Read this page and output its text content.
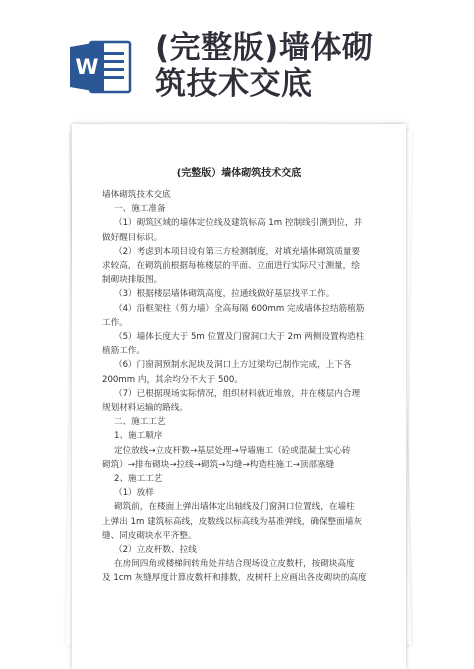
W
(完整版)墙体砌
筑技术交底
(完整版）墙体砌筑技术交底

墙体砌筑技术交底

一、施工准备

（1）砌筑区域的墙体定位线及建筑标高 1m 控制线引测到位，并

做好醒目标识。

（2）考虑到本项目设有第三方检测制度，对填充墙体砌筑质量要

求较高，在砌筑前根据每栋楼层的平面、立面进行实际尺寸测量，绘

制砌块排版图。

（3）根据楼层墙体砌筑高度，拉通线做好基层找平工作。

（4）沿框架柱（剪力墙）全高每隔 600mm 完成墙体拉结筋植筋

工作。

（5）墙体长度大于 5m 位置及门窗洞口大于 2m 两侧设置构造柱

植筋工作。

（6）门窗洞预制水泥块及洞口上方过梁均已制作完成，上下各

200mm 内，其余均分不大于 500。

（7）已根据现场实际情况，组织材料就近堆放，并在楼层内合理

规划材料运输的路线。

二、施工工艺

1、施工顺序

定位放线→立皮杆数→基层处理→导墙施工（砼或混凝土实心砖

砌筑）→排布砌块→拉线→砌筑→勾缝→构造柱施工→顶部塞缝

2、施工工艺

（1）放样

砌筑前，在楼面上弹出墙体定出轴线及门窗洞口位置线，在墙柱

上弹出 1m 建筑标高线，皮数线以标高线为基准弹线，确保整面墙灰

缝、同皮砌块水平齐整。

（2）立皮杆数、拉线

在房间四角或楼梯间转角处并结合现场设立皮数杆，按砌块高度

及 1cm 灰缝厚度计算皮数杆和排数，皮树杆上应画出各皮砌块的高度
